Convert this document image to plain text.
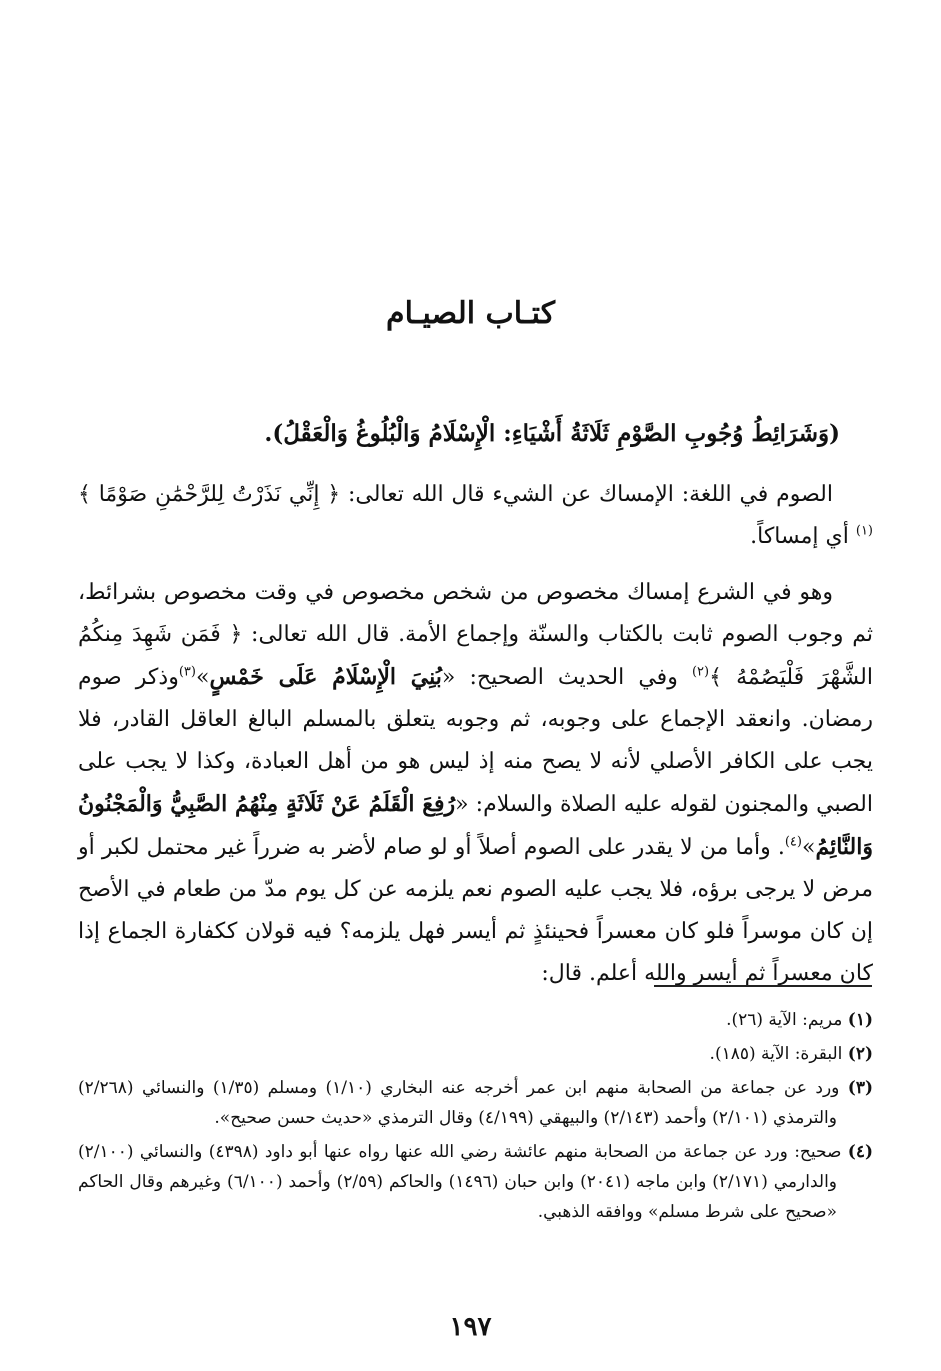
كتـاب الصيـام

(وَشَرَائِطُ وُجُوبِ الصَّوْمِ ثَلَاثَةُ أَشْيَاءِ: الْإِسْلَامُ وَالْبُلُوغُ وَالْعَقْلُ).

الصوم في اللغة: الإمساك عن الشيء قال الله تعالى: ﴿ إِنِّي نَذَرْتُ لِلرَّحْمَٰنِ صَوْمًا ﴾$^{(١)}$ أي إمساكاً.

وهو في الشرع إمساك مخصوص من شخص مخصوص في وقت مخصوص بشرائط، ثم وجوب الصوم ثابت بالكتاب والسنّة وإجماع الأمة. قال الله تعالى: ﴿ فَمَن شَهِدَ مِنكُمُ الشَّهْرَ فَلْيَصُمْهُ ﴾$^{(٢)}$ وفي الحديث الصحيح: «بُنِيَ الْإِسْلَامُ عَلَى خَمْسٍ»$^{(٣)}$وذكر صوم رمضان. وانعقد الإجماع على وجوبه، ثم وجوبه يتعلق بالمسلم البالغ العاقل القادر، فلا يجب على الكافر الأصلي لأنه لا يصح منه إذ ليس هو من أهل العبادة، وكذا لا يجب على الصبي والمجنون لقوله عليه الصلاة والسلام: «رُفِعَ الْقَلَمُ عَنْ ثَلَاثَةٍ مِنْهُمُ الصَّبِيُّ وَالْمَجْنُونُ وَالنَّائِمُ»$^{(٤)}$. وأما من لا يقدر على الصوم أصلاً أو لو صام لأضر به ضرراً غير محتمل لكبر أو مرض لا يرجى برؤه، فلا يجب عليه الصوم نعم يلزمه عن كل يوم مدّ من طعام في الأصح إن كان موسراً فلو كان معسراً فحينئذٍ ثم أيسر فهل يلزمه؟ فيه قولان ككفارة الجماع إذا كان معسراً ثم أيسر والله أعلم. قال:

(١) مريم: الآية (٢٦).
(٢) البقرة: الآية (١٨٥).
(٣) ورد عن جماعة من الصحابة منهم ابن عمر أخرجه عنه البخاري (١/١٠) ومسلم (١/٣٥) والنسائي (٢/٢٦٨) والترمذي (٢/١٠١) وأحمد (٢/١٤٣) والبيهقي (٤/١٩٩) وقال الترمذي «حديث حسن صحيح».
(٤) صحيح: ورد عن جماعة من الصحابة منهم عائشة رضي الله عنها رواه عنها أبو داود (٤٣٩٨) والنسائي (٢/١٠٠) والدارمي (٢/١٧١) وابن ماجه (٢٠٤١) وابن حبان (١٤٩٦) والحاكم (٢/٥٩) وأحمد (٦/١٠٠) وغيرهم وقال الحاكم «صحيح على شرط مسلم» ووافقه الذهبي.
١٩٧
